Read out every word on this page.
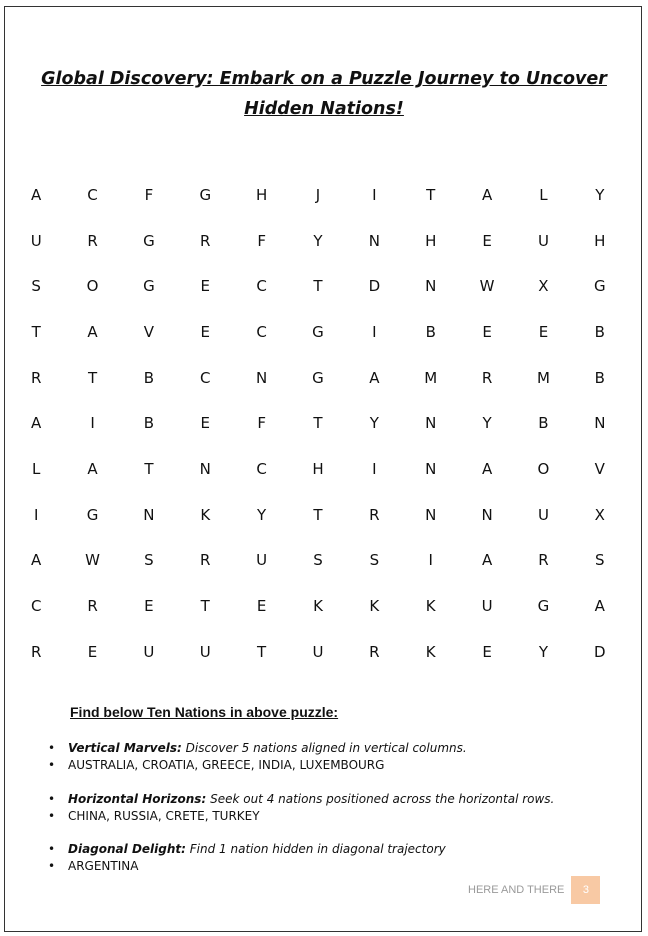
Global Discovery: Embark on a Puzzle Journey to Uncover Hidden Nations!
A	C	F	G	H	J	I	T	A	L	Y
U	R	G	R	F	Y	N	H	E	U	H
S	O	G	E	C	T	D	N	W	X	G
T	A	V	E	C	G	I	B	E	E	B
R	T	B	C	N	G	A	M	R	M	B
A	I	B	E	F	T	Y	N	Y	B	N
L	A	T	N	C	H	I	N	A	O	V
I	G	N	K	Y	T	R	N	N	U	X
A	W	S	R	U	S	S	I	A	R	S
C	R	E	T	E	K	K	K	U	G	A
R	E	U	U	T	U	R	K	E	Y	D
Find below Ten Nations in above puzzle:
•	Vertical Marvels: Discover 5 nations aligned in vertical columns.
•	AUSTRALIA, CROATIA, GREECE, INDIA, LUXEMBOURG
•	Horizontal Horizons: Seek out 4 nations positioned across the horizontal rows.
•	CHINA, RUSSIA, CRETE, TURKEY
•	Diagonal Delight: Find 1 nation hidden in diagonal trajectory
•	ARGENTINA
HERE AND THERE	3
